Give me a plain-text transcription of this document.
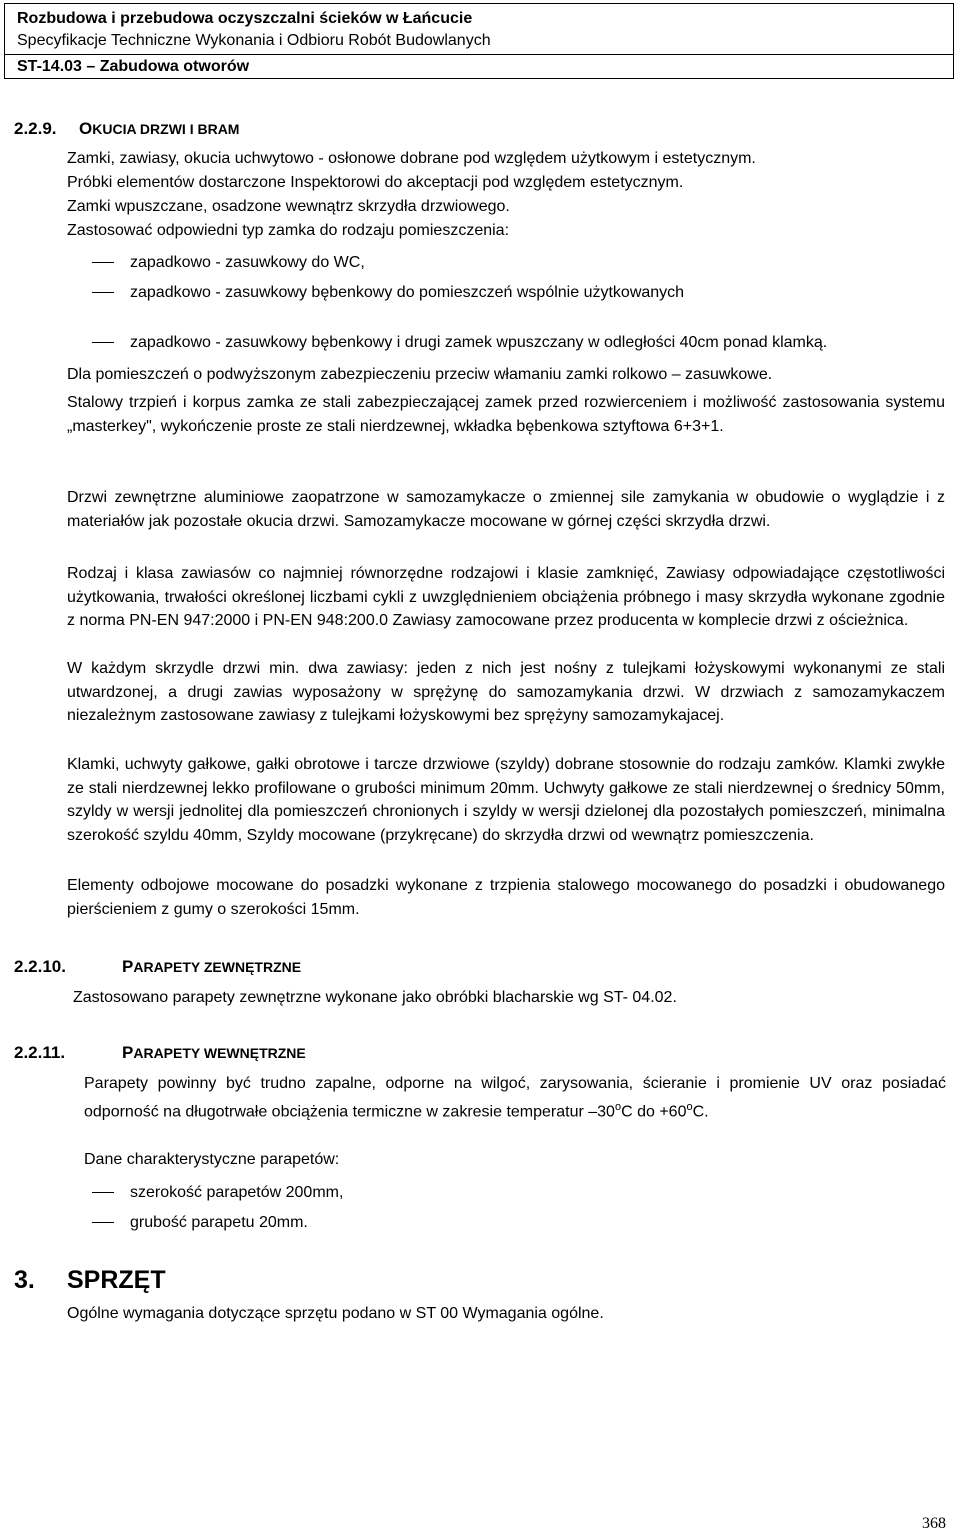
Rozbudowa i przebudowa oczyszczalni ścieków w Łańcucie
Specyfikacje Techniczne Wykonania i Odbioru Robót Budowlanych
ST-14.03 – Zabudowa otworów
2.2.9. OKUCIA DRZWI I BRAM
Zamki, zawiasy, okucia uchwytowo - osłonowe dobrane pod względem użytkowym i estetycznym.
Próbki elementów dostarczone Inspektorowi do akceptacji pod względem estetycznym.
Zamki wpuszczane, osadzone wewnątrz skrzydła drzwiowego.
Zastosować odpowiedni typ zamka do rodzaju pomieszczenia:
zapadkowo - zasuwkowy do WC,
zapadkowo - zasuwkowy bębenkowy do pomieszczeń wspólnie użytkowanych
zapadkowo - zasuwkowy bębenkowy i drugi zamek wpuszczany w odległości 40cm ponad klamką.
Dla pomieszczeń o podwyższonym zabezpieczeniu przeciw włamaniu zamki rolkowo – zasuwkowe.
Stalowy trzpień i korpus zamka ze stali zabezpieczającej zamek przed rozwierceniem i możliwość zastosowania systemu „masterkey", wykończenie proste ze stali nierdzewnej, wkładka bębenkowa sztyftowa 6+3+1.
Drzwi zewnętrzne aluminiowe zaopatrzone w samozamykacze o zmiennej sile zamykania w obudowie o wyglądzie i z materiałów jak pozostałe okucia drzwi. Samozamykacze mocowane w górnej części skrzydła drzwi.
Rodzaj i klasa zawiasów co najmniej równorzędne rodzajowi i klasie zamknięć, Zawiasy odpowiadające częstotliwości użytkowania, trwałości określonej liczbami cykli z uwzględnieniem obciążenia próbnego i masy skrzydła wykonane zgodnie z norma PN-EN 947:2000 i PN-EN 948:200.0 Zawiasy zamocowane przez producenta w komplecie drzwi z ościeżnica.
W każdym skrzydle drzwi min. dwa zawiasy: jeden z nich jest nośny z tulejkami łożyskowymi wykonanymi ze stali utwardzonej, a drugi zawias wyposażony w sprężynę do samozamykania drzwi. W drzwiach z samozamykaczem niezależnym zastosowane zawiasy z tulejkami łożyskowymi bez sprężyny samozamykajacej.
Klamki, uchwyty gałkowe, gałki obrotowe i tarcze drzwiowe (szyldy) dobrane stosownie do rodzaju zamków. Klamki zwykłe ze stali nierdzewnej lekko profilowane o grubości minimum 20mm. Uchwyty gałkowe ze stali nierdzewnej o średnicy 50mm, szyldy w wersji jednolitej dla pomieszczeń chronionych i szyldy w wersji dzielonej dla pozostałych pomieszczeń, minimalna szerokość szyldu 40mm, Szyldy mocowane (przykręcane) do skrzydła drzwi od wewnątrz pomieszczenia.
Elementy odbojowe mocowane do posadzki wykonane z trzpienia stalowego mocowanego do posadzki i obudowanego pierścieniem z gumy o szerokości 15mm.
2.2.10.	PARAPETY ZEWNĘTRZNE
Zastosowano parapety zewnętrzne wykonane jako obróbki blacharskie wg ST- 04.02.
2.2.11.	PARAPETY WEWNĘTRZNE
Parapety powinny być trudno zapalne, odporne na wilgoć, zarysowania, ścieranie i promienie UV oraz posiadać odporność na długotrwałe obciążenia termiczne w zakresie temperatur –30$^o$C do $+60^oC$.
Dane charakterystyczne parapetów:
szerokość parapetów 200mm,
grubość parapetu 20mm.
3. SPRZĘT
Ogólne wymagania dotyczące sprzętu podano w ST 00 Wymagania ogólne.
368
